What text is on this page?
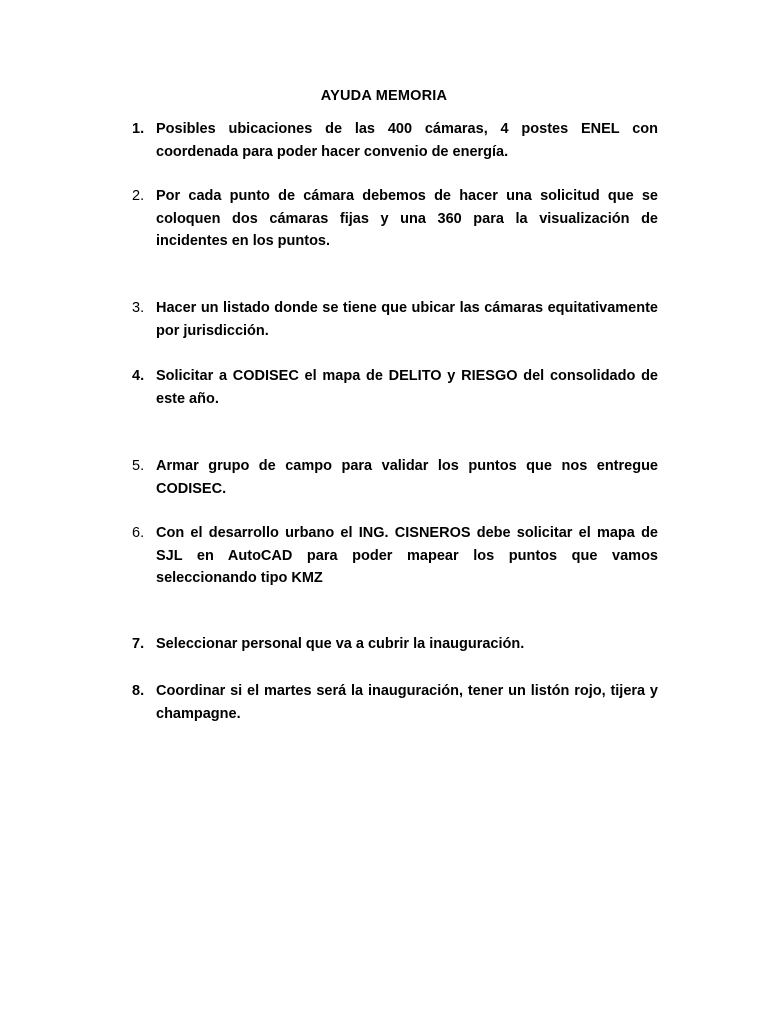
AYUDA MEMORIA
1. Posibles ubicaciones de las 400 cámaras, 4 postes ENEL con coordenada para poder hacer convenio de energía.
2. Por cada punto de cámara debemos de hacer una solicitud que se coloquen dos cámaras fijas y una 360 para la visualización de incidentes en los puntos.
3. Hacer un listado donde se tiene que ubicar las cámaras equitativamente por jurisdicción.
4. Solicitar a CODISEC el mapa de DELITO y RIESGO del consolidado de este año.
5. Armar grupo de campo para validar los puntos que nos entregue CODISEC.
6. Con el desarrollo urbano el ING. CISNEROS debe solicitar el mapa de SJL en AutoCAD para poder mapear los puntos que vamos seleccionando tipo KMZ
7. Seleccionar personal que va a cubrir la inauguración.
8. Coordinar si el martes será la inauguración, tener un listón rojo, tijera y champagne.
